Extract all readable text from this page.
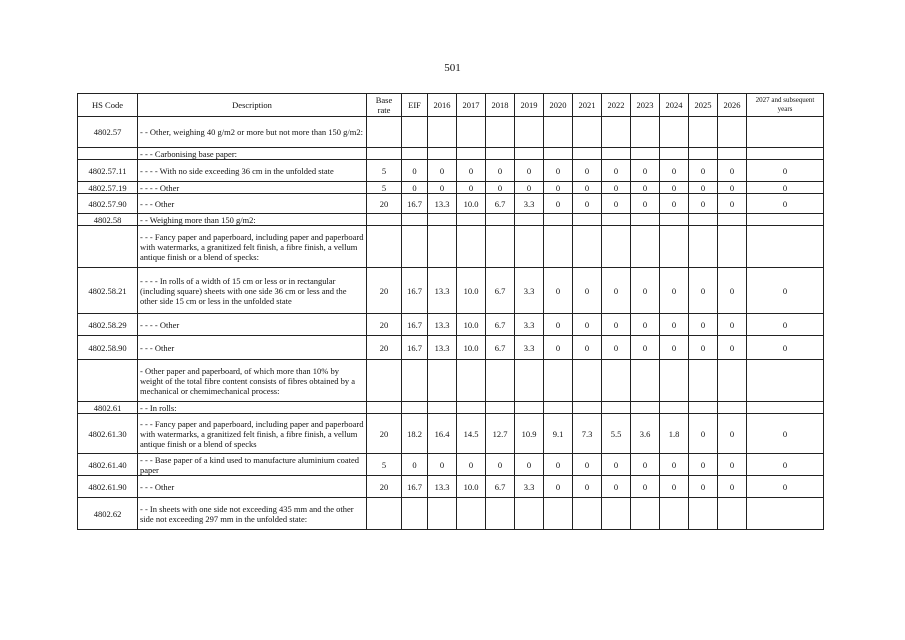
501
HS Code	Description	Base rate	EIF	2016	2017	2018	2019	2020	2021	2022	2023	2024	2025	2026	2027 and subsequent years
4802.57	- - Other, weighing 40 g/m2 or more but not more than 150 g/m2:														
	- - - Carbonising base paper:														
4802.57.11	- - - - With no side exceeding 36 cm in the unfolded state	5	0	0	0	0	0	0	0	0	0	0	0	0	0
4802.57.19	- - - - Other	5	0	0	0	0	0	0	0	0	0	0	0	0	0
4802.57.90	- - - Other	20	16.7	13.3	10.0	6.7	3.3	0	0	0	0	0	0	0	0
4802.58	- - Weighing more than 150 g/m2:														
	- - - Fancy paper and paperboard, including paper and paperboard with watermarks, a granitized felt finish, a fibre finish, a vellum antique finish or a blend of specks:														
4802.58.21	- - - - In rolls of a width of 15 cm or less or in rectangular (including square) sheets with one side 36 cm or less and the other side 15 cm or less in the unfolded state	20	16.7	13.3	10.0	6.7	3.3	0	0	0	0	0	0	0	0
4802.58.29	- - - - Other	20	16.7	13.3	10.0	6.7	3.3	0	0	0	0	0	0	0	0
4802.58.90	- - - Other	20	16.7	13.3	10.0	6.7	3.3	0	0	0	0	0	0	0	0
	- Other paper and paperboard, of which more than 10% by weight of the total fibre content consists of fibres obtained by a mechanical or chemimechanical process:														
4802.61	- - In rolls:														
4802.61.30	- - - Fancy paper and paperboard, including paper and paperboard with watermarks, a granitized felt finish, a fibre finish, a vellum antique finish or a blend of specks	20	18.2	16.4	14.5	12.7	10.9	9.1	7.3	5.5	3.6	1.8	0	0	0
4802.61.40	- - - Base paper of a kind used to manufacture aluminium coated paper	5	0	0	0	0	0	0	0	0	0	0	0	0	0
4802.61.90	- - - Other	20	16.7	13.3	10.0	6.7	3.3	0	0	0	0	0	0	0	0
4802.62	- - In sheets with one side not exceeding 435 mm and the other side not exceeding 297 mm in the unfolded state:														
